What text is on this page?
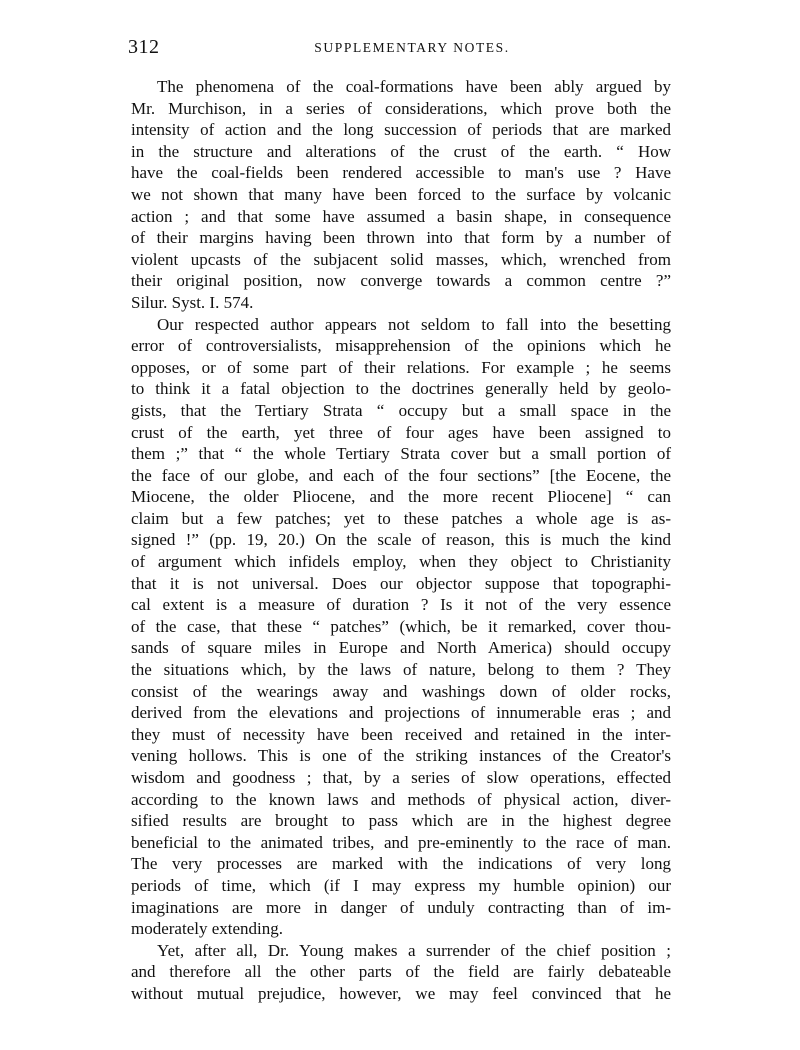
312	SUPPLEMENTARY NOTES.
The phenomena of the coal-formations have been ably argued by
Mr. Murchison, in a series of considerations, which prove both the
intensity of action and the long succession of periods that are marked
in the structure and alterations of the crust of the earth. “ How
have the coal-fields been rendered accessible to man's use ? Have
we not shown that many have been forced to the surface by volcanic
action ; and that some have assumed a basin shape, in consequence
of their margins having been thrown into that form by a number of
violent upcasts of the subjacent solid masses, which, wrenched from
their original position, now converge towards a common centre ?”
Silur. Syst. I. 574.
Our respected author appears not seldom to fall into the besetting
error of controversialists, misapprehension of the opinions which he
opposes, or of some part of their relations. For example ; he seems
to think it a fatal objection to the doctrines generally held by geolo-
gists, that the Tertiary Strata “ occupy but a small space in the
crust of the earth, yet three of four ages have been assigned to
them ;” that “ the whole Tertiary Strata cover but a small portion of
the face of our globe, and each of the four sections” [the Eocene, the
Miocene, the older Pliocene, and the more recent Pliocene] “ can
claim but a few patches; yet to these patches a whole age is as-
signed !” (pp. 19, 20.) On the scale of reason, this is much the kind
of argument which infidels employ, when they object to Christianity
that it is not universal. Does our objector suppose that topographi-
cal extent is a measure of duration ? Is it not of the very essence
of the case, that these “ patches” (which, be it remarked, cover thou-
sands of square miles in Europe and North America) should occupy
the situations which, by the laws of nature, belong to them ? They
consist of the wearings away and washings down of older rocks,
derived from the elevations and projections of innumerable eras ; and
they must of necessity have been received and retained in the inter-
vening hollows. This is one of the striking instances of the Creator's
wisdom and goodness ; that, by a series of slow operations, effected
according to the known laws and methods of physical action, diver-
sified results are brought to pass which are in the highest degree
beneficial to the animated tribes, and pre-eminently to the race of man.
The very processes are marked with the indications of very long
periods of time, which (if I may express my humble opinion) our
imaginations are more in danger of unduly contracting than of im-
moderately extending.
Yet, after all, Dr. Young makes a surrender of the chief position ;
and therefore all the other parts of the field are fairly debateable
without mutual prejudice, however, we may feel convinced that he
